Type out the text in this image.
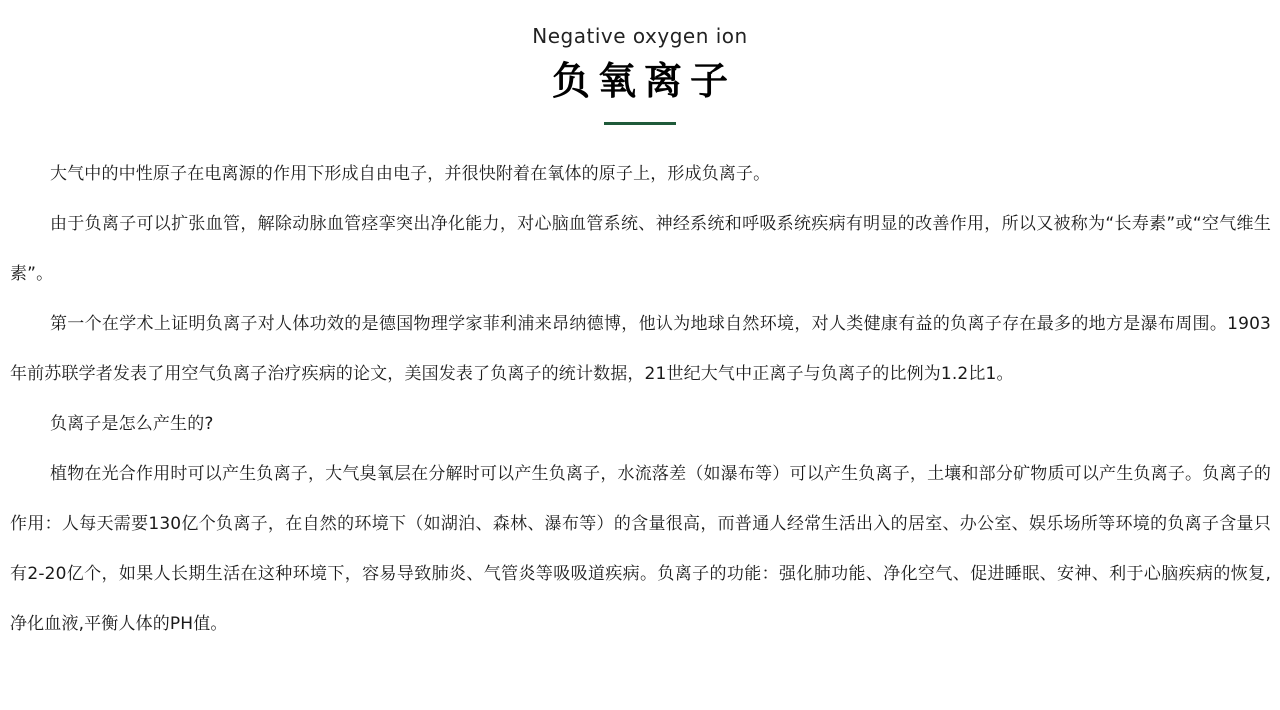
Negative oxygen ion
负氧离子

大气中的中性原子在电离源的作用下形成自由电子，并很快附着在氧体的原子上，形成负离子。

由于负离子可以扩张血管，解除动脉血管痉挛突出净化能力，对心脑血管系统、神经系统和呼吸系统疾病有明显的改善作用，所以又被称为“长寿素”或“空气维生素”。

第一个在学术上证明负离子对人体功效的是德国物理学家菲利浦来昂纳德博，他认为地球自然环境，对人类健康有益的负离子存在最多的地方是瀑布周围。1903年前苏联学者发表了用空气负离子治疗疾病的论文，美国发表了负离子的统计数据，21世纪大气中正离子与负离子的比例为1.2比1。

负离子是怎么产生的?

植物在光合作用时可以产生负离子，大气臭氧层在分解时可以产生负离子，水流落差（如瀑布等）可以产生负离子，土壤和部分矿物质可以产生负离子。负离子的作用：人每天需要130亿个负离子，在自然的环境下（如湖泊、森林、瀑布等）的含量很高，而普通人经常生活出入的居室、办公室、娱乐场所等环境的负离子含量只有2-20亿个，如果人长期生活在这种环境下，容易导致肺炎、气管炎等吸吸道疾病。负离子的功能：强化肺功能、净化空气、促进睡眠、安神、利于心脑疾病的恢复,净化血液,平衡人体的PH值。
